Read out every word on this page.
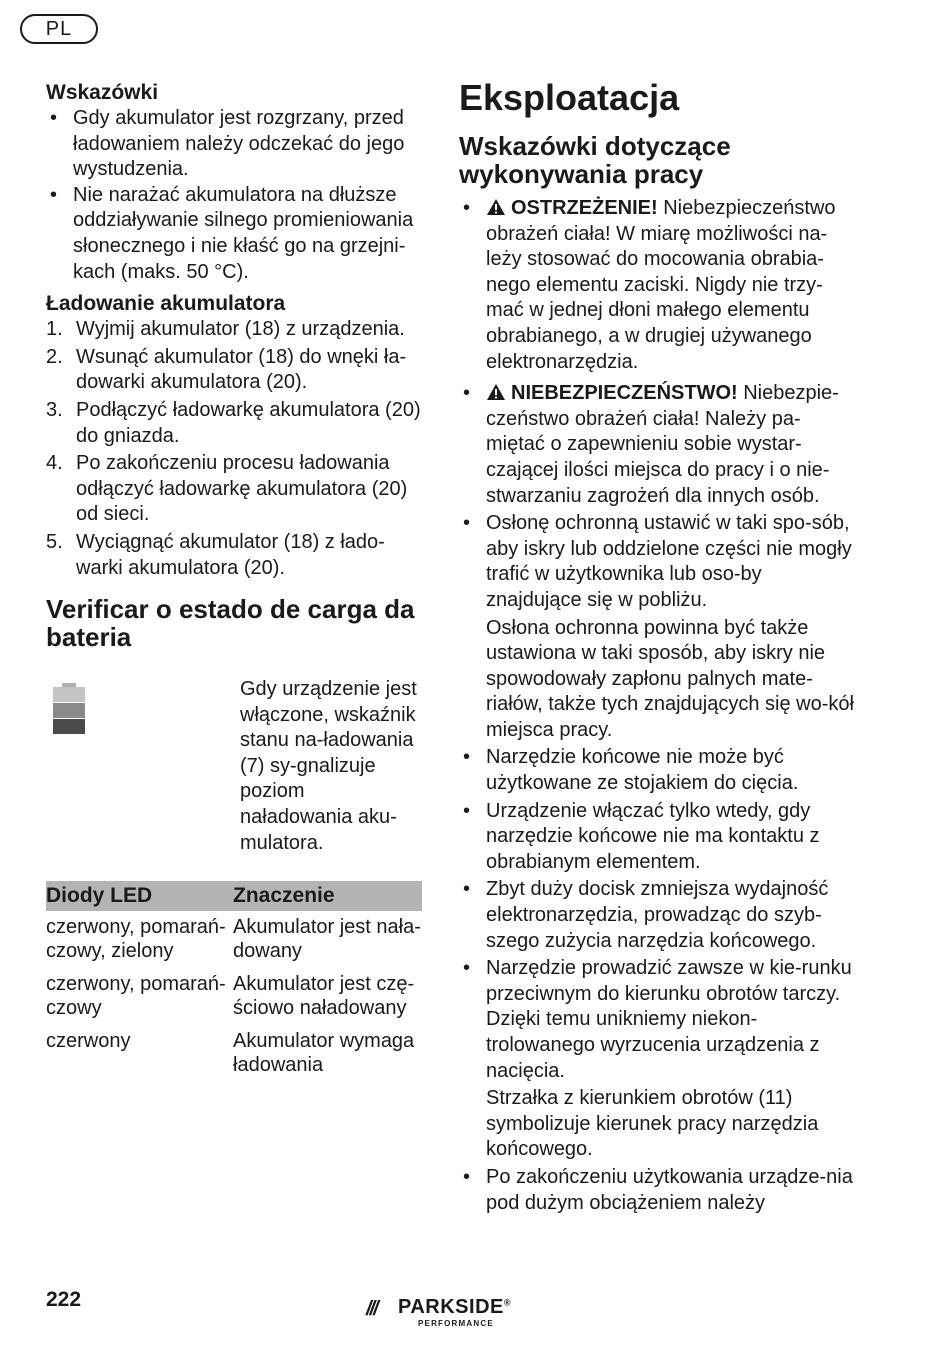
PL

Wskazówki

• Gdy akumulator jest rozgrzany, przed ładowaniem należy odczekać do jego wystudzenia.
• Nie narażać akumulatora na dłuższe oddziaływanie silnego promieniowania słonecznego i nie kłaść go na grzejni-kach (maks. 50 °C).

Ładowanie akumulatora

1. Wyjmij akumulator (18) z urządzenia.
2. Wsunąć akumulator (18) do wnęki ła-dowarki akumulatora (20).
3. Podłączyć ładowarkę akumulatora (20) do gniazda.
4. Po zakończeniu procesu ładowania odłączyć ładowarkę akumulatora (20) od sieci.
5. Wyciągnąć akumulator (18) z łado-warki akumulatora (20).

Verificar o estado de carga da bateria

Gdy urządzenie jest włączone, wskaźnik stanu na-ładowania (7) sy-gnalizuje poziom naładowania aku-mulatora.
Diody LED	Znaczenie
czerwony, pomarań-czowy, zielony	Akumulator jest nała-dowany
czerwony, pomarań-czowy	Akumulator jest czę-ściowo naładowany
czerwony	Akumulator wymaga ładowania

Eksploatacja

Wskazówki dotyczące wykonywania pracy

• OSTRZEŻENIE! Niebezpieczeństwo obrażeń ciała! W miarę możliwości na-leży stosować do mocowania obrabia-nego elementu zaciski. Nigdy nie trzy-mać w jednej dłoni małego elementu obrabianego, a w drugiej używanego elektronarzędzia.
• NIEBEZPIECZEŃSTWO! Niebezpie-czeństwo obrażeń ciała! Należy pa-miętać o zapewnieniu sobie wystar-czającej ilości miejsca do pracy i o nie-stwarzaniu zagrożeń dla innych osób.
• Osłonę ochronną ustawić w taki spo-sób, aby iskry lub oddzielone części nie mogły trafić w użytkownika lub oso-by znajdujące się w pobliżu.
Osłona ochronna powinna być także ustawiona w taki sposób, aby iskry nie spowodowały zapłonu palnych mate-riałów, także tych znajdujących się wo-kół miejsca pracy.
• Narzędzie końcowe nie może być użytkowane ze stojakiem do cięcia.
• Urządzenie włączać tylko wtedy, gdy narzędzie końcowe nie ma kontaktu z obrabianym elementem.
• Zbyt duży docisk zmniejsza wydajność elektronarzędzia, prowadząc do szyb-szego zużycia narzędzia końcowego.
• Narzędzie prowadzić zawsze w kie-runku przeciwnym do kierunku obrotów tarczy. Dzięki temu unikniemy niekon-trolowanego wyrzucenia urządzenia z nacięcia.
Strzałka z kierunkiem obrotów (11) symbolizuje kierunek pracy narzędzia końcowego.
• Po zakończeniu użytkowania urządze-nia pod dużym obciążeniem należy
222	/// PARKSIDE®
PERFORMANCE
